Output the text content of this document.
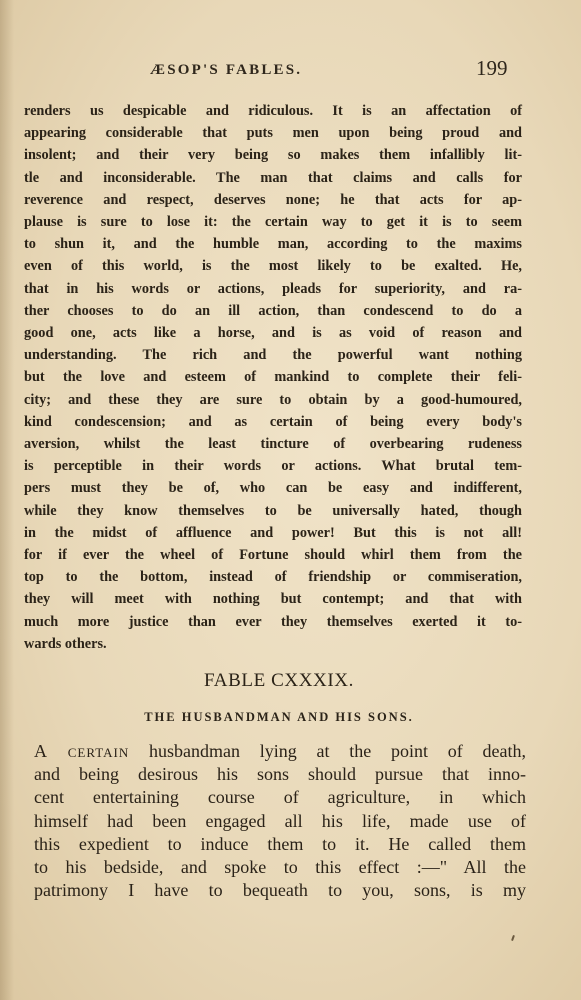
ÆSOP'S FABLES.	199
renders us despicable and ridiculous. It is an affectation of
appearing considerable that puts men upon being proud and
insolent; and their very being so makes them infallibly lit-
tle and inconsiderable. The man that claims and calls for
reverence and respect, deserves none; he that acts for ap-
plause is sure to lose it: the certain way to get it is to seem
to shun it, and the humble man, according to the maxims
even of this world, is the most likely to be exalted. He,
that in his words or actions, pleads for superiority, and ra-
ther chooses to do an ill action, than condescend to do a
good one, acts like a horse, and is as void of reason and
understanding. The rich and the powerful want nothing
but the love and esteem of mankind to complete their feli-
city; and these they are sure to obtain by a good-humoured,
kind condescension; and as certain of being every body's
aversion, whilst the least tincture of overbearing rudeness
is perceptible in their words or actions. What brutal tem-
pers must they be of, who can be easy and indifferent,
while they know themselves to be universally hated, though
in the midst of affluence and power! But this is not all!
for if ever the wheel of Fortune should whirl them from the
top to the bottom, instead of friendship or commiseration,
they will meet with nothing but contempt; and that with
much more justice than ever they themselves exerted it to-
wards others.
FABLE CXXXIX.
THE HUSBANDMAN AND HIS SONS.
A certain husbandman lying at the point of death,
and being desirous his sons should pursue that inno-
cent entertaining course of agriculture, in which
himself had been engaged all his life, made use of
this expedient to induce them to it. He called them
to his bedside, and spoke to this effect :—" All the
patrimony I have to bequeath to you, sons, is my
